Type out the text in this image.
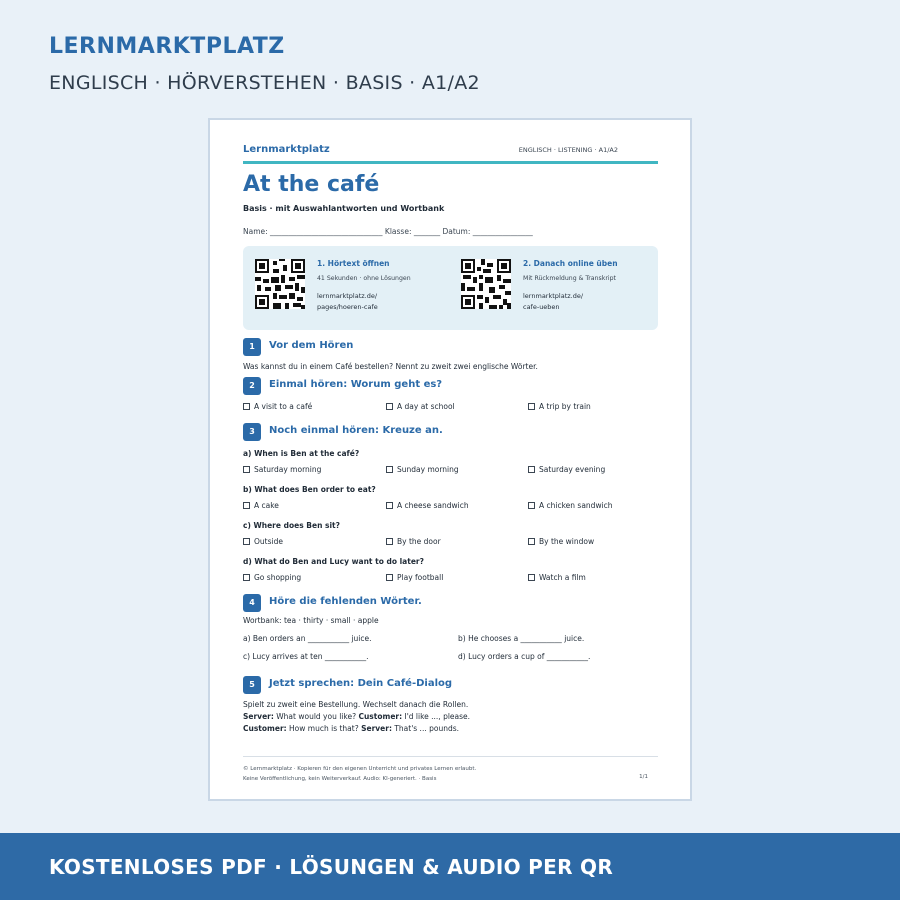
LERNMARKTPLATZ
ENGLISCH · HÖRVERSTEHEN · BASIS · A1/A2
Lernmarktplatz	ENGLISCH · LISTENING · A1/A2
At the café
Basis · mit Auswahlantworten und Wortbank
Name: ______________________________ Klasse: _______ Datum: ________________
1. Hörtext öffnen
41 Sekunden · ohne Lösungen
lernmarktplatz.de/
pages/hoeren-cafe
2. Danach online üben
Mit Rückmeldung & Transkript
lernmarktplatz.de/
cafe-ueben
1	Vor dem Hören
Was kannst du in einem Café bestellen? Nennt zu zweit zwei englische Wörter.
2	Einmal hören: Worum geht es?
A visit to a café	A day at school	A trip by train
3	Noch einmal hören: Kreuze an.
a) When is Ben at the café?
Saturday morning	Sunday morning	Saturday evening
b) What does Ben order to eat?
A cake	A cheese sandwich	A chicken sandwich
c) Where does Ben sit?
Outside	By the door	By the window
d) What do Ben and Lucy want to do later?
Go shopping	Play football	Watch a film
4	Höre die fehlenden Wörter.
Wortbank: tea · thirty · small · apple
a) Ben orders an ___________ juice.	b) He chooses a ___________ juice.
c) Lucy arrives at ten ___________.	d) Lucy orders a cup of ___________.
5	Jetzt sprechen: Dein Café-Dialog
Spielt zu zweit eine Bestellung. Wechselt danach die Rollen.
Server: What would you like? Customer: I'd like ..., please.
Customer: How much is that? Server: That's ... pounds.
© Lernmarktplatz · Kopieren für den eigenen Unterricht und privates Lernen erlaubt.
Keine Veröffentlichung, kein Weiterverkauf. Audio: KI-generiert. · Basis	1/1
KOSTENLOSES PDF · LÖSUNGEN & AUDIO PER QR
